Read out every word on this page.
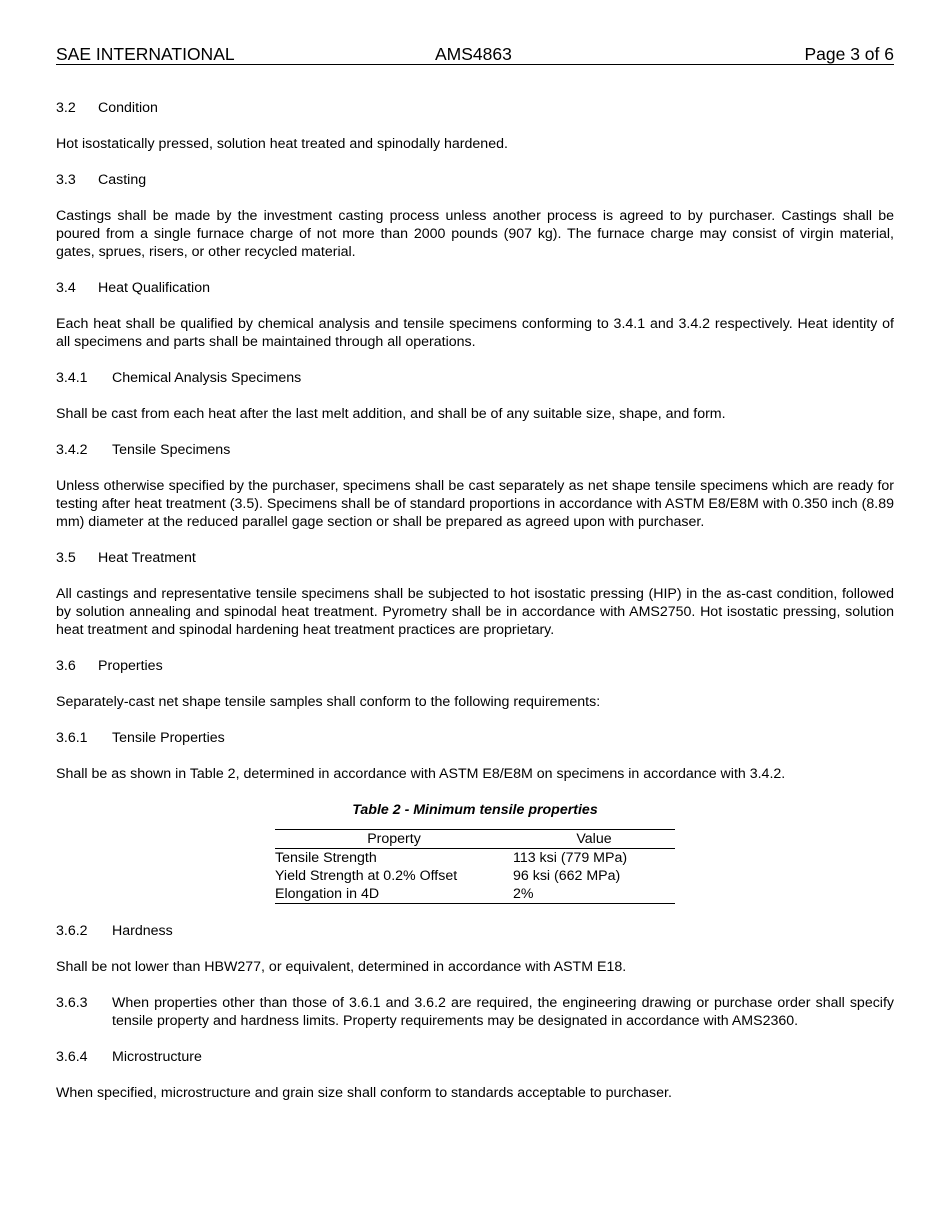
SAE INTERNATIONAL	AMS4863	Page 3 of 6
3.2	Condition

Hot isostatically pressed, solution heat treated and spinodally hardened.

3.3	Casting

Castings shall be made by the investment casting process unless another process is agreed to by purchaser. Castings shall be poured from a single furnace charge of not more than 2000 pounds (907 kg). The furnace charge may consist of virgin material, gates, sprues, risers, or other recycled material.

3.4	Heat Qualification

Each heat shall be qualified by chemical analysis and tensile specimens conforming to 3.4.1 and 3.4.2 respectively. Heat identity of all specimens and parts shall be maintained through all operations.

3.4.1	Chemical Analysis Specimens

Shall be cast from each heat after the last melt addition, and shall be of any suitable size, shape, and form.

3.4.2	Tensile Specimens

Unless otherwise specified by the purchaser, specimens shall be cast separately as net shape tensile specimens which are ready for testing after heat treatment (3.5). Specimens shall be of standard proportions in accordance with ASTM E8/E8M with 0.350 inch (8.89 mm) diameter at the reduced parallel gage section or shall be prepared as agreed upon with purchaser.

3.5	Heat Treatment

All castings and representative tensile specimens shall be subjected to hot isostatic pressing (HIP) in the as-cast condition, followed by solution annealing and spinodal heat treatment. Pyrometry shall be in accordance with AMS2750. Hot isostatic pressing, solution heat treatment and spinodal hardening heat treatment practices are proprietary.

3.6	Properties

Separately-cast net shape tensile samples shall conform to the following requirements:

3.6.1	Tensile Properties

Shall be as shown in Table 2, determined in accordance with ASTM E8/E8M on specimens in accordance with 3.4.2.

Table 2 - Minimum tensile properties

Property	Value
Tensile Strength	113 ksi (779 MPa)
Yield Strength at 0.2% Offset	96 ksi (662 MPa)
Elongation in 4D	2%
3.6.2	Hardness

Shall be not lower than HBW277, or equivalent, determined in accordance with ASTM E18.

3.6.3	When properties other than those of 3.6.1 and 3.6.2 are required, the engineering drawing or purchase order shall specify tensile property and hardness limits. Property requirements may be designated in accordance with AMS2360.
3.6.4	Microstructure

When specified, microstructure and grain size shall conform to standards acceptable to purchaser.
